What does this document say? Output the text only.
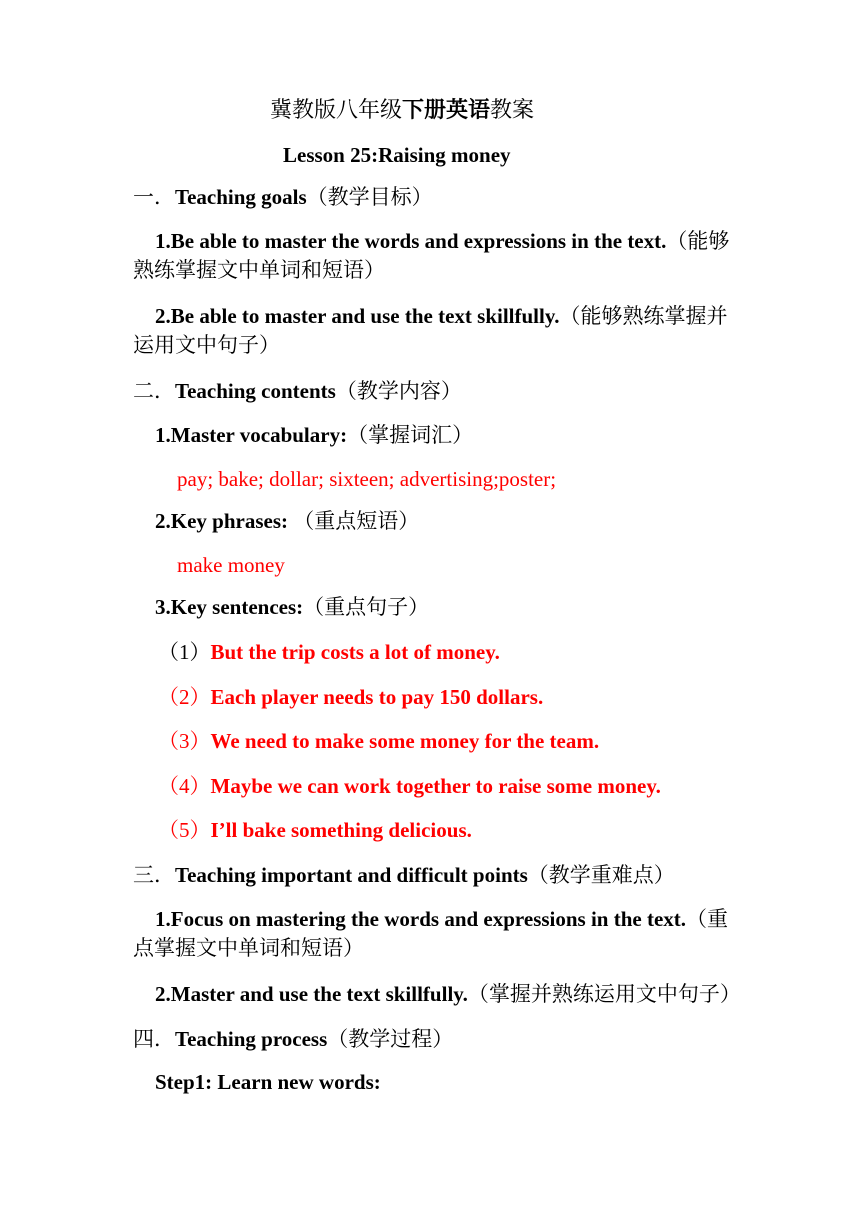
冀教版八年级下册英语教案
Lesson 25:Raising money
一．Teaching goals（教学目标）
1.Be able to master the words and expressions in the text.（能够
熟练掌握文中单词和短语）
2.Be able to master and use the text skillfully.（能够熟练掌握并
运用文中句子）
二．Teaching contents（教学内容）
1.Master vocabulary:（掌握词汇）
pay; bake; dollar; sixteen; advertising;poster;
2.Key phrases: （重点短语）
make money
3.Key sentences:（重点句子）
（1）But the trip costs a lot of money.
（2）Each player needs to pay 150 dollars.
（3）We need to make some money for the team.
（4）Maybe we can work together to raise some money.
（5）I’ll bake something delicious.
三．Teaching important and difficult points（教学重难点）
1.Focus on mastering the words and expressions in the text.（重
点掌握文中单词和短语）
2.Master and use the text skillfully.（掌握并熟练运用文中句子）
四．Teaching process（教学过程）
Step1: Learn new words:
